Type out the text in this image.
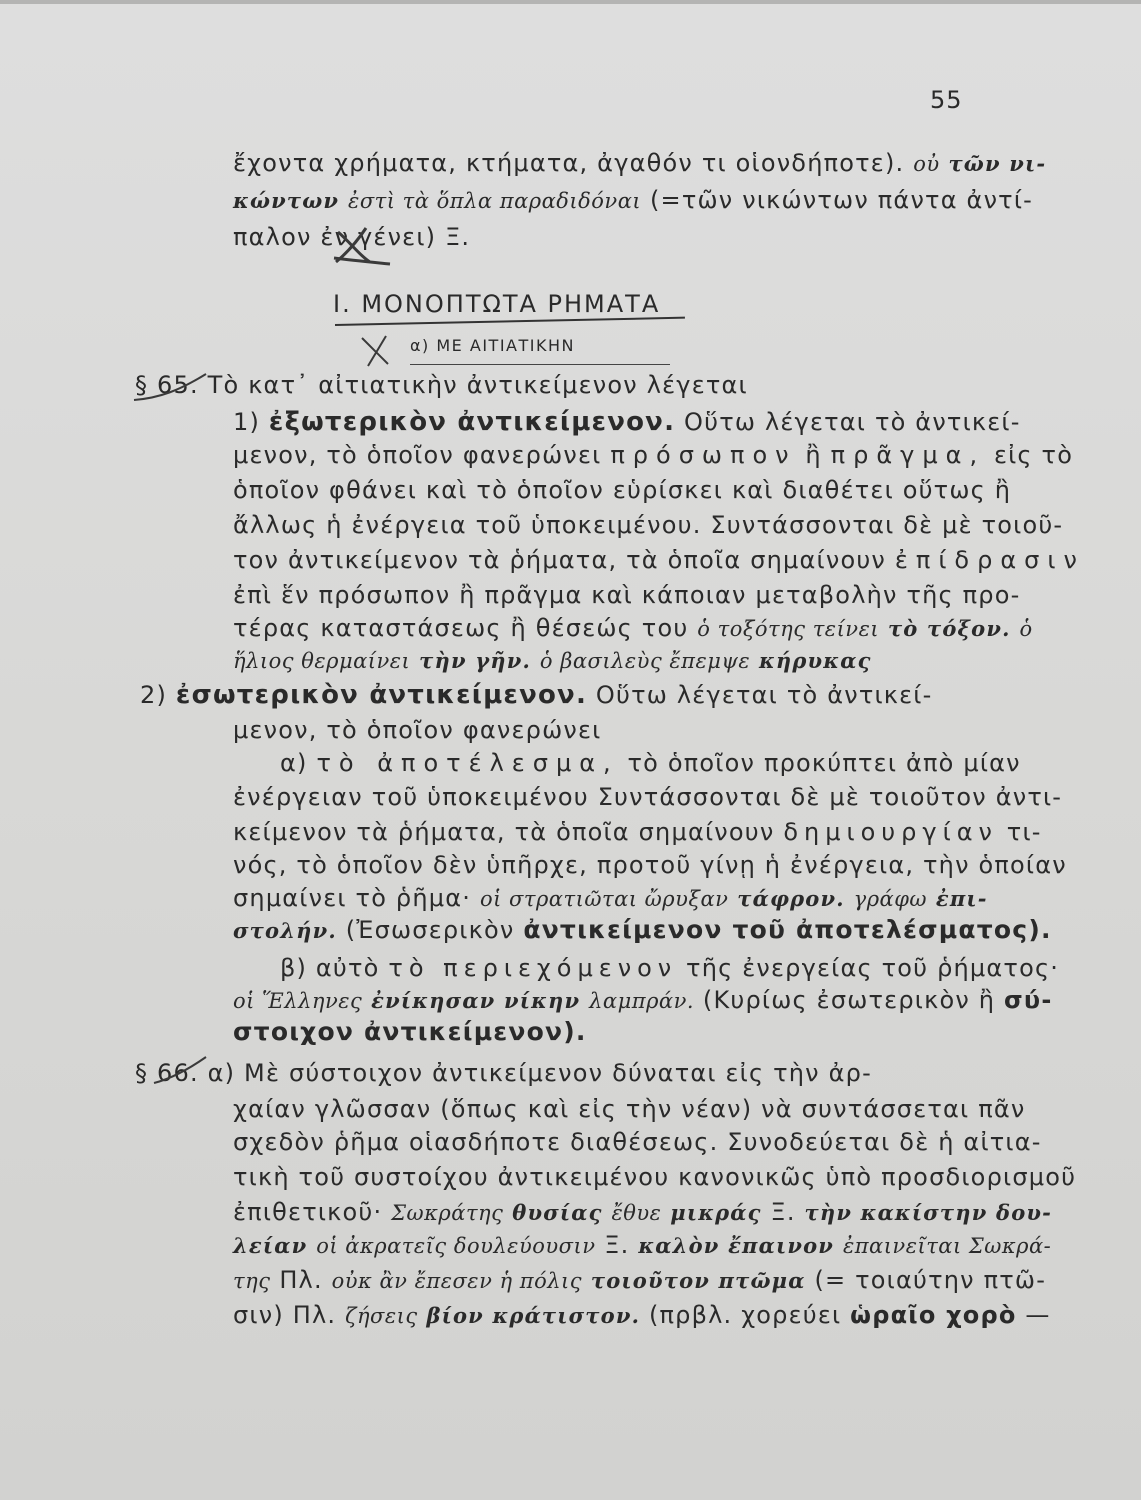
55
ἔχοντα χρήματα, κτήματα, ἀγαθόν τι οἱονδήποτε). οὐ τῶν νι-
κώντων ἐστὶ τὰ ὅπλα παραδιδόναι (=τῶν νικώντων πάντα ἀντί-
παλον ἐν γένει) Ξ.
I. ΜΟΝΟΠΤΩΤΑ ΡΗΜΑΤΑ
α) ΜΕ ΑΙΤΙΑΤΙΚΗΝ
§ 65. Τὸ κατ᾽ αἰτιατικὴν ἀντικείμενον λέγεται
1) ἐξωτερικὸν ἀντικείμενον. Οὕτω λέγεται τὸ ἀντικεί-
μενον, τὸ ὁποῖον φανερώνει πρόσωπον ἢ πρᾶγμα, εἰς τὸ
ὁποῖον φθάνει καὶ τὸ ὁποῖον εὑρίσκει καὶ διαθέτει οὕτως ἢ
ἄλλως ἡ ἐνέργεια τοῦ ὑποκειμένου. Συντάσσονται δὲ μὲ τοιοῦ-
τον ἀντικείμενον τὰ ῥήματα, τὰ ὁποῖα σημαίνουν ἐπίδρασιν
ἐπὶ ἕν πρόσωπον ἢ πρᾶγμα καὶ κάποιαν μεταβολὴν τῆς προ-
τέρας καταστάσεως ἢ θέσεώς του ὁ τοξότης τείνει τὸ τόξον. ὁ
ἥλιος θερμαίνει τὴν γῆν. ὁ βασιλεὺς ἔπεμψε κήρυκας
2) ἐσωτερικὸν ἀντικείμενον. Οὕτω λέγεται τὸ ἀντικεί-
μενον, τὸ ὁποῖον φανερώνει
α) τὸ ἀποτέλεσμα, τὸ ὁποῖον προκύπτει ἀπὸ μίαν
ἐνέργειαν τοῦ ὑποκειμένου Συντάσσονται δὲ μὲ τοιοῦτον ἀντι-
κείμενον τὰ ῥήματα, τὰ ὁποῖα σημαίνουν δημιουργίαν τι-
νός, τὸ ὁποῖον δὲν ὑπῆρχε, προτοῦ γίνῃ ἡ ἐνέργεια, τὴν ὁποίαν
σημαίνει τὸ ῥῆμα· οἱ στρατιῶται ὤρυξαν τάφρον. γράφω ἐπι-
στολήν. (Ἐσωσερικὸν ἀντικείμενον τοῦ ἀποτελέσματος).
β) αὐτὸ τὸ περιεχόμενον τῆς ἐνεργείας τοῦ ῥήματος·
οἱ Ἕλληνες ἐνίκησαν νίκην λαμπράν. (Κυρίως ἐσωτερικὸν ἢ σύ-
στοιχον ἀντικείμενον).
§ 66. α) Μὲ σύστοιχον ἀντικείμενον δύναται εἰς τὴν ἀρ-
χαίαν γλῶσσαν (ὅπως καὶ εἰς τὴν νέαν) νὰ συντάσσεται πᾶν
σχεδὸν ῥῆμα οἱασδήποτε διαθέσεως. Συνοδεύεται δὲ ἡ αἰτια-
τικὴ τοῦ συστοίχου ἀντικειμένου κανονικῶς ὑπὸ προσδιορισμοῦ
ἐπιθετικοῦ· Σωκράτης θυσίας ἔθυε μικράς Ξ. τὴν κακίστην δου-
λείαν οἱ ἀκρατεῖς δουλεύουσιν Ξ. καλὸν ἔπαινον ἐπαινεῖται Σωκρά-
της Πλ. οὐκ ἂν ἔπεσεν ἡ πόλις τοιοῦτον πτῶμα (= τοιαύτην πτῶ-
σιν) Πλ. ζήσεις βίον κράτιστον. (πρβλ. χορεύει ὡραῖο χορὸ —
